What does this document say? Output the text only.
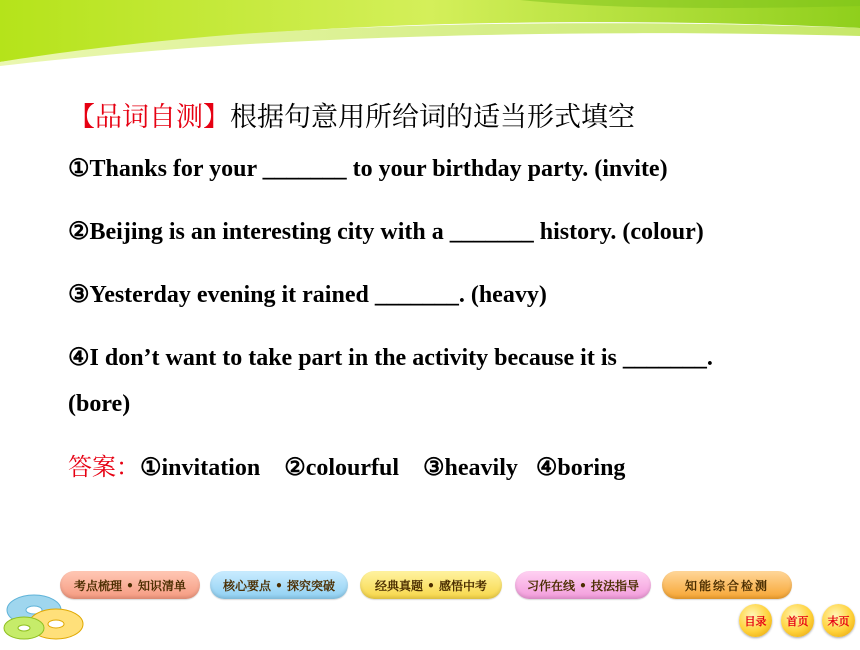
【品词自测】根据句意用所给词的适当形式填空

①Thanks for your _______ to your birthday party. (invite)

②Beijing is an interesting city with a _______ history. (colour)

③Yesterday evening it rained _______. (heavy)

④I don’t want to take part in the activity because it is _______.

(bore)

答案：①invitation    ②colourful    ③heavily   ④boring
考点梳理 • 知识清单	核心要点 • 探究突破	经典真题 • 感悟中考	习作在线 • 技法指导	知能综合检测
目录	首页	末页
